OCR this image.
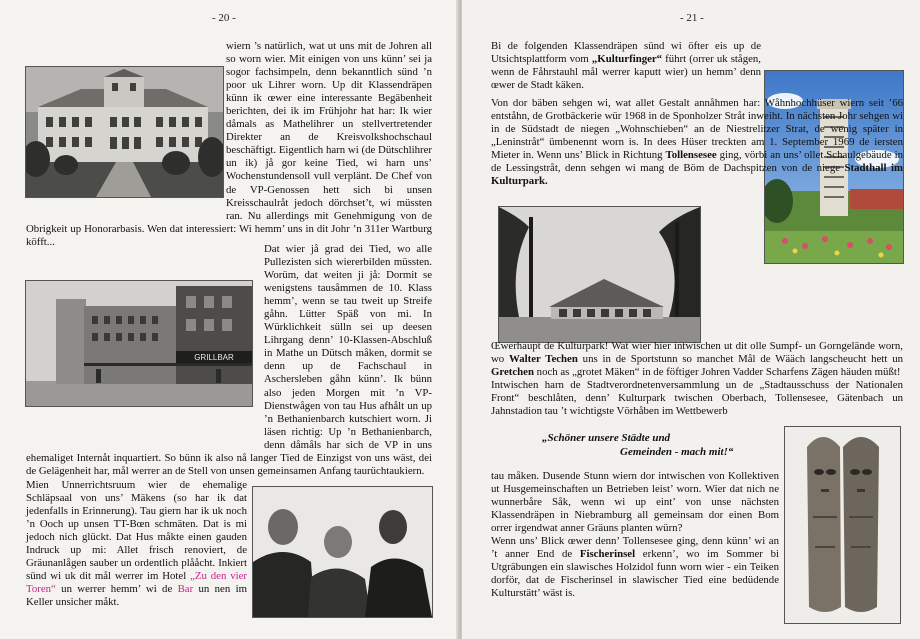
- 20 -
GRILLBAR
wiern ’s natürlich, wat ut uns mit de Johren all so worn wier. Mit einigen von uns künn’ sei ja sogor fachsimpeln, denn bekanntlich sünd ’n poor uk Lihrer worn. Up dit Klassendräpen künn ik œwer eine interessante Begäbenheit berichten, dei ik im Frühjohr hat har: Ik wier dåmals as Mathelihrer un stellvertretender Direkter an de Kreisvolkshochschaul beschäftigt. Eigentlich harn wi (de Dütschlihrer un ik) jå gor keine Tied, wi harn uns’ Wochenstundensoll vull verplänt. De Chef von de VP-Genossen hett sich bi unsen Kreisschaulråt jedoch dörchset’t, wi müssten ran. Nu allerdings mit Genehmigung von de Obrigkeit up Honorarbasis. Wen dat interessiert: Wi hemm’ uns in dit Johr ’n 311er Wartburg köfft...
Dat wier jå grad dei Tied, wo alle Pullezisten sich wiererbilden müssten. Worüm, dat weiten ji jå: Dormit se wenigstens tausåmmen de 10. Klass hemm’, wenn se tau tweit up Streife gåhn. Lütter Späß von mi. In Würklichkeit sülln sei up deesen Lihrgang denn’ 10-Klassen-Abschluß in Mathe un Dütsch måken, dormit se denn up de Fachschaul in Aschersleben gåhn künn’. Ik bünn also jeden Morgen mit ’n VP-Dienstwågen von tau Hus afhålt un up ’n Bethanienbarch kutschiert worn. Ji läsen richtig: Up ’n Bethanienbarch, denn dåmåls har sich de VP in uns ehemaliget Internåt inquartiert. So bünn ik also nå langer Tied de Einzigst von uns wäst, dei de Gelägenheit har, mål werrer an de Stell von unsen gemeinsamen Anfang taurüchtaukiern.
Mien Unnerrichtsruum wier de ehemalige Schläpsaal von uns’ Mäkens (so har ik dat jedenfalls in Erinnerung). Tau giern har ik uk noch ’n Ooch up unsen TT-Bœn schmäten. Dat is mi jedoch nich glückt. Dat Hus måkte einen gauden Indruck up mi: Allet frisch renoviert, de Gräunanlågen sauber un ordentlich plååcht. Inkiert sünd wi uk dit mål werrer im Hotel „Zu den vier Toren“ un werrer hemm’ wi de Bar un nen im Keller unsicher måkt.
- 21 -

Bi de folgenden Klassendräpen sünd wi öfter eis up de Utsichtsplattform vom „Kulturfinger“ führt (orrer uk stågen, wenn de Fåhrstauhl mål werrer kaputt wier) un hemm’ denn œwer de Stadt käken.

Von dor bäben sehgen wi, wat allet Gestalt annåhmen har: Wåhnhochhüser wiern seit ’66 entståhn, de Grotbäckerie wür 1968 in de Sponholzer Stråt inweiht. In nächsten Johr sehgen wi in de Südstadt de niegen „Wohnschieben“ an de Niestrelitzer Strat, de wenig später in „Leninstråt“ ümbenennt worn is. In dees Hüser treckten am 1. September 1969 de iersten Mieter in. Wenn uns’ Blick in Richtung Tollensesee ging, vörbi an uns’ ollet Schaulgebäude in de Lessingstråt, denn sehgen wi mang de Böm de Dachspitzen von de niege Stadthall im Kulturpark.

Œwerhaupt de Kulturpark! Wat wier hier intwischen ut dit olle Sumpf- un Gorngelände worn, wo Walter Techen uns in de Sportstunn so manchet Mål de Wääch langscheucht hett un Gretchen noch as „grotet Mäken“ in de föftiger Johren Vadder Scharfens Zägen häuden müßt!

Intwischen harn de Stadtverordnetenversammlung un de „Stadtausschuss der Nationalen Front“ beschlåten, denn’ Kulturpark twischen Oberbach, Tollensesee, Gätenbach un Jahnstadion tau ’t wichtigste Vörhåben im Wettbewerb

„Schöner unsere Städte und
Gemeinden - mach mit!“

tau måken. Dusende Stunn wiern dor intwischen von Kollektiven ut Husgemeinschaften un Betrieben leist’ worn. Wier dat nich ne wunnerbåre Såk, wenn wi up eint’ von unse nächsten Klassendräpen in Niebramburg all gemeinsam dor einen Bom orrer irgendwat anner Gräuns planten würn?

Wenn uns’ Blick œwer denn’ Tollensesee ging, denn künn’ wi an ’t anner End de Fischerinsel erkenn’, wo im Sommer bi Utgräbungen ein slawisches Holzidol funn worn wier - ein Teiken dorför, dat de Fischerinsel in slawischer Tied eine bedüdende Kulturstätt’ wäst is.
